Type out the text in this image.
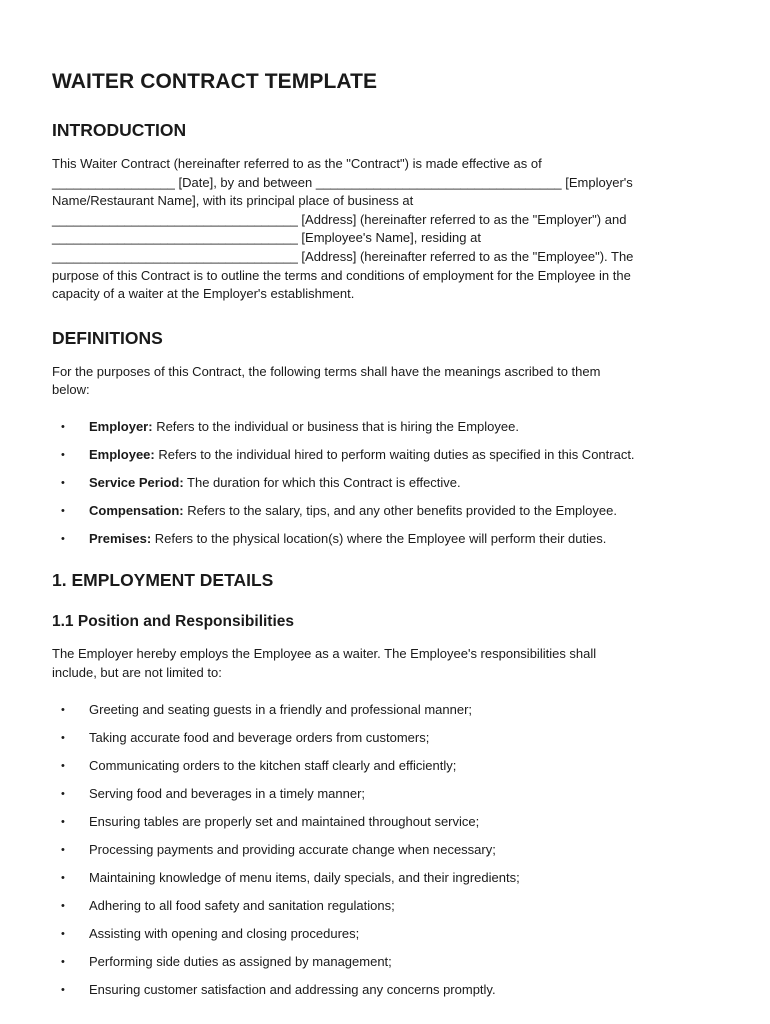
WAITER CONTRACT TEMPLATE
INTRODUCTION

This Waiter Contract (hereinafter referred to as the "Contract") is made effective as of
_________________ [Date], by and between __________________________________ [Employer's
Name/Restaurant Name], with its principal place of business at
__________________________________ [Address] (hereinafter referred to as the "Employer") and
__________________________________ [Employee's Name], residing at
__________________________________ [Address] (hereinafter referred to as the "Employee"). The
purpose of this Contract is to outline the terms and conditions of employment for the Employee in the
capacity of a waiter at the Employer's establishment.

DEFINITIONS

For the purposes of this Contract, the following terms shall have the meanings ascribed to them
below:

• Employer: Refers to the individual or business that is hiring the Employee.
• Employee: Refers to the individual hired to perform waiting duties as specified in this Contract.
• Service Period: The duration for which this Contract is effective.
• Compensation: Refers to the salary, tips, and any other benefits provided to the Employee.
• Premises: Refers to the physical location(s) where the Employee will perform their duties.
1. EMPLOYMENT DETAILS
1.1 Position and Responsibilities

The Employer hereby employs the Employee as a waiter. The Employee's responsibilities shall
include, but are not limited to:

• Greeting and seating guests in a friendly and professional manner;
• Taking accurate food and beverage orders from customers;
• Communicating orders to the kitchen staff clearly and efficiently;
• Serving food and beverages in a timely manner;
• Ensuring tables are properly set and maintained throughout service;
• Processing payments and providing accurate change when necessary;
• Maintaining knowledge of menu items, daily specials, and their ingredients;
• Adhering to all food safety and sanitation regulations;
• Assisting with opening and closing procedures;
• Performing side duties as assigned by management;
• Ensuring customer satisfaction and addressing any concerns promptly.
